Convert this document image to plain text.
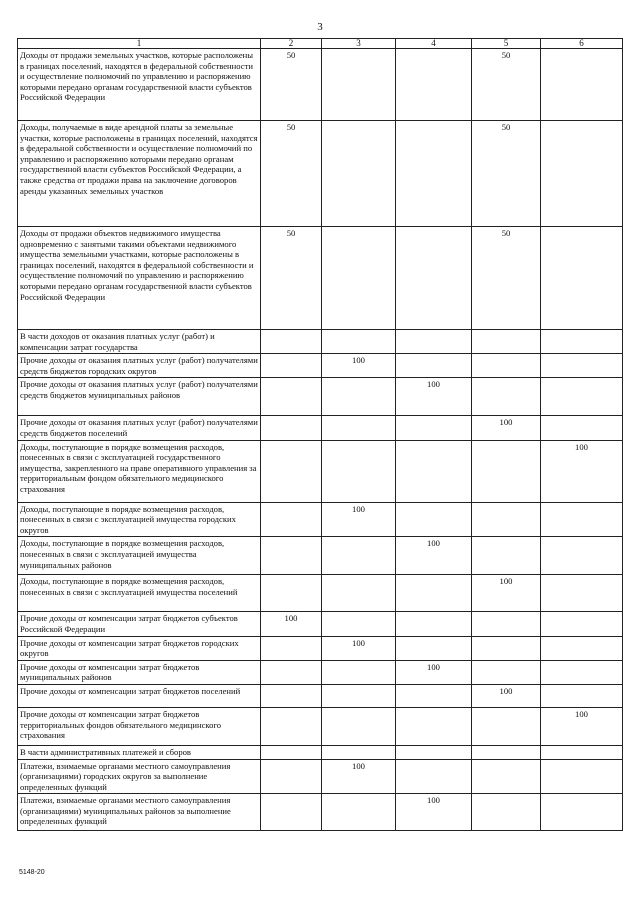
3
1	2	3	4	5	6
Доходы от продажи земельных участков, которые расположены в границах поселений, находятся в федеральной собственности и осуществление полномочий по управлению и распоряжению которыми передано органам государственной власти субъектов Российской Федерации	50			50	
Доходы, получаемые в виде арендной платы за земельные участки, которые расположены в границах поселений, находятся в федеральной собственности и осуществление полномочий по управлению и распоряжению которыми передано органам государственной власти субъектов Российской Федерации, а также средства от продажи права на заключение договоров аренды указанных земельных участков	50			50	
Доходы от продажи объектов недвижимого имущества одновременно с занятыми такими объектами недвижимого имущества земельными участками, которые расположены в границах поселений, находятся в федеральной собственности и осуществление полномочий по управлению и распоряжению которыми передано органам государственной власти субъектов Российской Федерации	50			50	
В части доходов от оказания платных услуг (работ) и компенсации затрат государства					
Прочие доходы от оказания платных услуг (работ) получателями средств бюджетов городских округов		100			
Прочие доходы от оказания платных услуг (работ) получателями средств бюджетов муниципальных районов			100		
Прочие доходы от оказания платных услуг (работ) получателями средств бюджетов поселений				100	
Доходы, поступающие в порядке возмещения расходов, понесенных в связи с эксплуатацией государственного имущества, закрепленного на праве оперативного управления за территориальным фондом обязательного медицинского страхования					100
Доходы, поступающие в порядке возмещения расходов, понесенных в связи с эксплуатацией имущества городских округов		100			
Доходы, поступающие в порядке возмещения расходов, понесенных в связи с эксплуатацией имущества муниципальных районов			100		
Доходы, поступающие в порядке возмещения расходов, понесенных в связи с эксплуатацией имущества поселений				100	
Прочие доходы от компенсации затрат бюджетов субъектов Российской Федерации	100				
Прочие доходы от компенсации затрат бюджетов городских округов		100			
Прочие доходы от компенсации затрат бюджетов муниципальных районов			100		
Прочие доходы от компенсации затрат бюджетов поселений				100	
Прочие доходы от компенсации затрат бюджетов территориальных фондов обязательного медицинского страхования					100
В части административных платежей и сборов					
Платежи, взимаемые органами местного самоуправления (организациями) городских округов за выполнение определенных функций		100			
Платежи, взимаемые органами местного самоуправления (организациями) муниципальных районов за выполнение определенных функций			100		
5148-20
